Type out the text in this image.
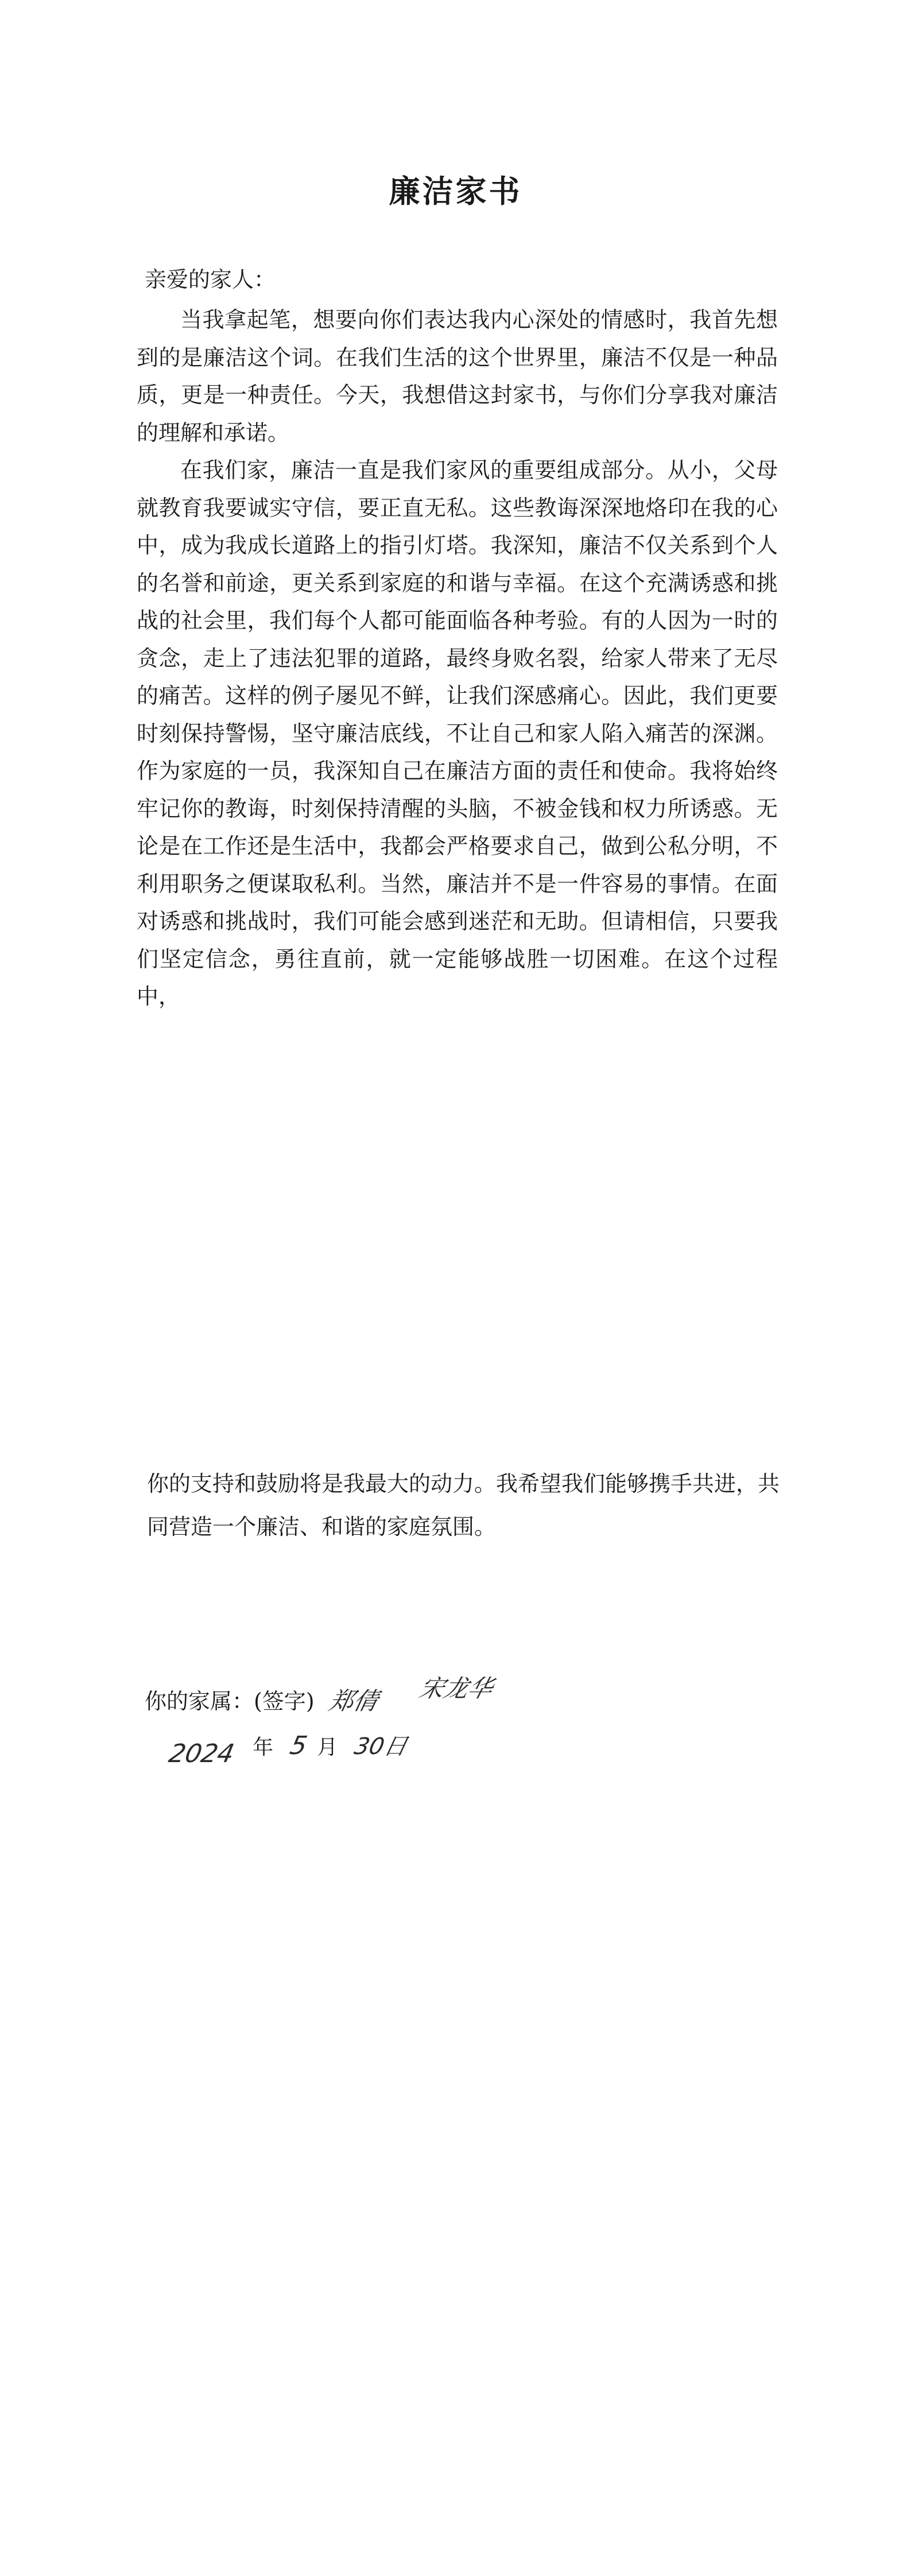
廉洁家书
亲爱的家人：

当我拿起笔，想要向你们表达我内心深处的情感时，我首先想到的是廉洁这个词。在我们生活的这个世界里，廉洁不仅是一种品质，更是一种责任。今天，我想借这封家书，与你们分享我对廉洁的理解和承诺。

在我们家，廉洁一直是我们家风的重要组成部分。从小，父母就教育我要诚实守信，要正直无私。这些教诲深深地烙印在我的心中，成为我成长道路上的指引灯塔。我深知，廉洁不仅关系到个人的名誉和前途，更关系到家庭的和谐与幸福。在这个充满诱惑和挑战的社会里，我们每个人都可能面临各种考验。有的人因为一时的贪念，走上了违法犯罪的道路，最终身败名裂，给家人带来了无尽的痛苦。这样的例子屡见不鲜，让我们深感痛心。因此，我们更要时刻保持警惕，坚守廉洁底线，不让自己和家人陷入痛苦的深渊。作为家庭的一员，我深知自己在廉洁方面的责任和使命。我将始终牢记你的教诲，时刻保持清醒的头脑，不被金钱和权力所诱惑。无论是在工作还是生活中，我都会严格要求自己，做到公私分明，不利用职务之便谋取私利。当然，廉洁并不是一件容易的事情。在面对诱惑和挑战时，我们可能会感到迷茫和无助。但请相信，只要我们坚定信念，勇往直前，就一定能够战胜一切困难。在这个过程中，

你的支持和鼓励将是我最大的动力。我希望我们能够携手共进，共同营造一个廉洁、和谐的家庭氛围。
你的家属：(签字) 郑倩 宋龙华
2024 年 5 月 30日
